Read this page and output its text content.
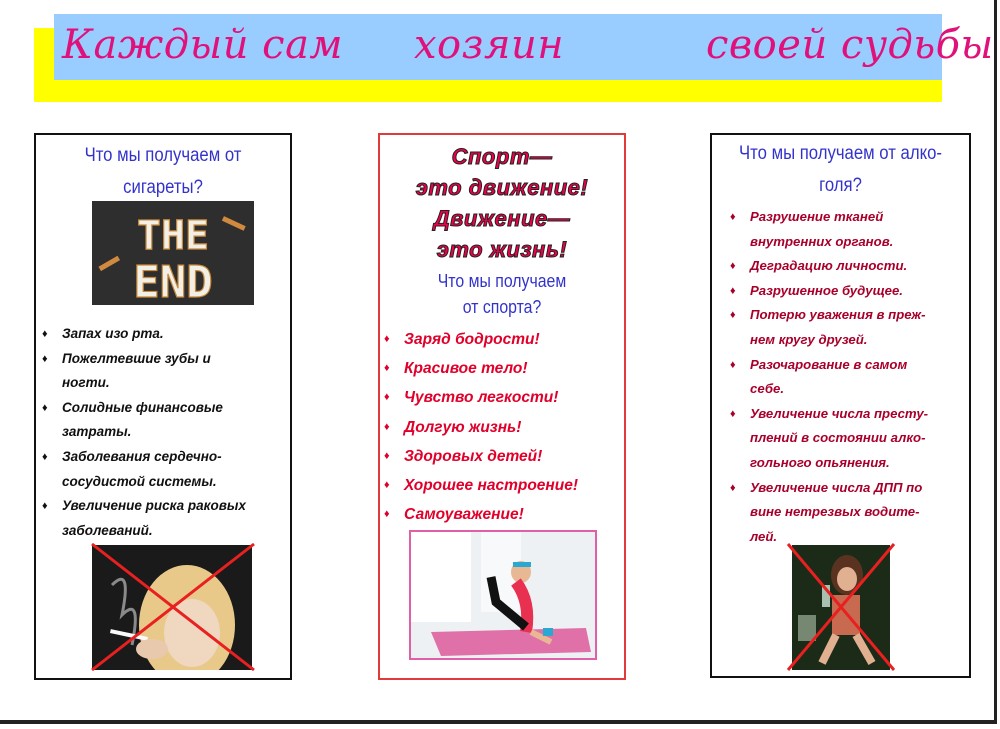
Каждый сам хозяин	своей судьбы
Что мы получаем от
сигареты?
THE
END
♦ Запах изо рта.
♦ Пожелтевшие зубы и
ногти.
♦ Солидные финансовые
затраты.
♦ Заболевания сердечно-
сосудистой системы.
♦ Увеличение риска раковых
заболеваний.
Спорт—
это движение!
Движение—
это жизнь!
Что мы получаем
от спорта?
♦ Заряд бодрости!
♦ Красивое тело!
♦ Чувство легкости!
♦ Долгую жизнь!
♦ Здоровых детей!
♦ Хорошее настроение!
♦ Самоуважение!
Что мы получаем от алко-
голя?
♦ Разрушение тканей
внутренних органов.
♦ Деградацию личности.
♦ Разрушенное будущее.
♦ Потерю уважения в преж-
нем кругу друзей.
♦ Разочарование в самом
себе.
♦ Увеличение числа престу-
плений в состоянии алко-
гольного опьянения.
♦ Увеличение числа ДПП по
вине нетрезвых водите-
лей.
